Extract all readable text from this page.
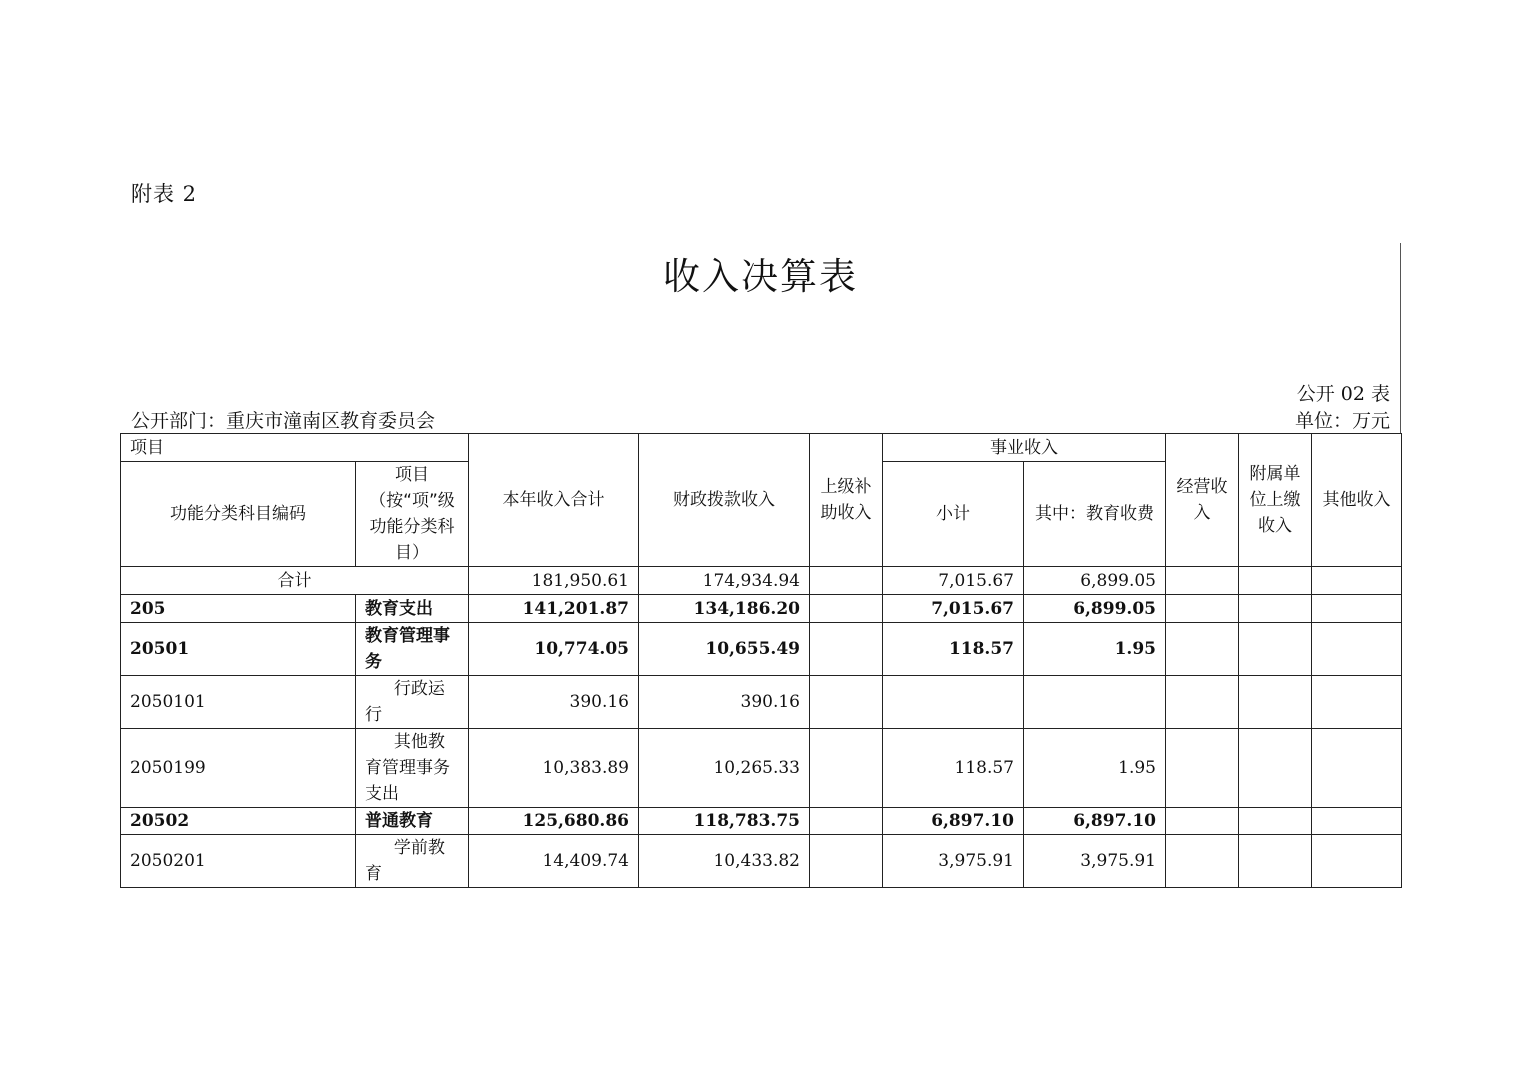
附表 2
收入决算表
公开 02 表
公开部门：重庆市潼南区教育委员会	单位：万元
项目		本年收入合计	财政拨款收入	上级补助收入	事业收入		经营收入	附属单位上缴收入	其他收入
功能分类科目编码	项目（按“项”级功能分类科目）				小计	其中：教育收费			
合计		181,950.61	174,934.94		7,015.67	6,899.05			
205	教育支出	141,201.87	134,186.20		7,015.67	6,899.05			
20501	教育管理事务	10,774.05	10,655.49		118.57	1.95			
2050101	行政运行	390.16	390.16						
2050199	其他教育管理事务支出	10,383.89	10,265.33		118.57	1.95			
20502	普通教育	125,680.86	118,783.75		6,897.10	6,897.10			
2050201	学前教育	14,409.74	10,433.82		3,975.91	3,975.91			
